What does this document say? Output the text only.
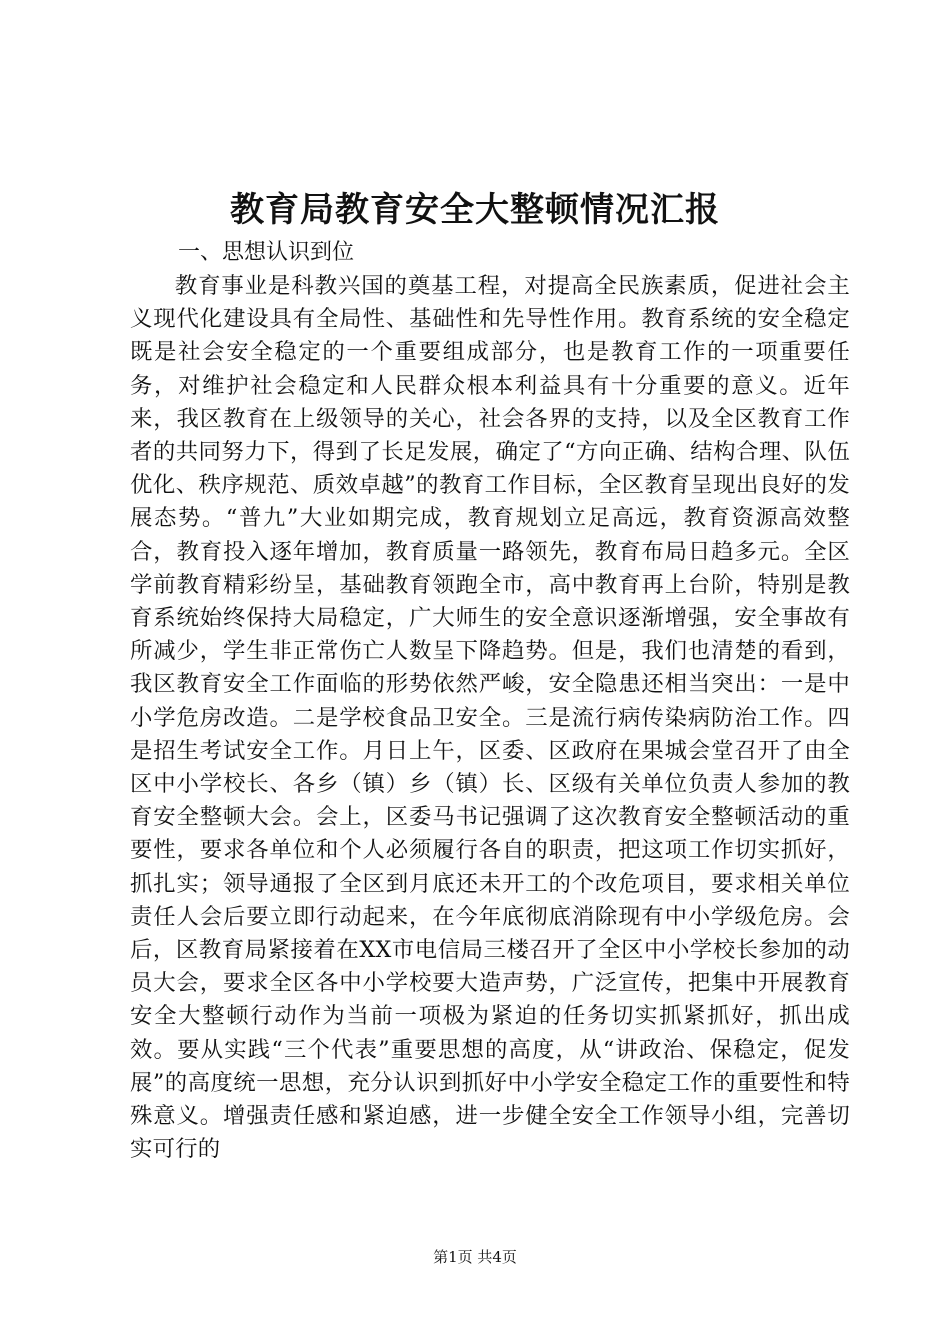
教育局教育安全大整顿情况汇报

一、思想认识到位

教育事业是科教兴国的奠基工程，对提高全民族素质，促进社会主义现代化建设具有全局性、基础性和先导性作用。教育系统的安全稳定既是社会安全稳定的一个重要组成部分，也是教育工作的一项重要任务，对维护社会稳定和人民群众根本利益具有十分重要的意义。近年来，我区教育在上级领导的关心，社会各界的支持，以及全区教育工作者的共同努力下，得到了长足发展，确定了“方向正确、结构合理、队伍优化、秩序规范、质效卓越”的教育工作目标，全区教育呈现出良好的发展态势。“普九”大业如期完成，教育规划立足高远，教育资源高效整合，教育投入逐年增加，教育质量一路领先，教育布局日趋多元。全区学前教育精彩纷呈，基础教育领跑全市，高中教育再上台阶，特别是教育系统始终保持大局稳定，广大师生的安全意识逐渐增强，安全事故有所减少，学生非正常伤亡人数呈下降趋势。但是，我们也清楚的看到，我区教育安全工作面临的形势依然严峻，安全隐患还相当突出：一是中小学危房改造。二是学校食品卫安全。三是流行病传染病防治工作。四是招生考试安全工作。月日上午，区委、区政府在果城会堂召开了由全区中小学校长、各乡（镇）乡（镇）长、区级有关单位负责人参加的教育安全整顿大会。会上，区委马书记强调了这次教育安全整顿活动的重要性，要求各单位和个人必须履行各自的职责，把这项工作切实抓好，抓扎实；领导通报了全区到月底还未开工的个改危项目，要求相关单位责任人会后要立即行动起来，在今年底彻底消除现有中小学级危房。会后，区教育局紧接着在XX市电信局三楼召开了全区中小学校长参加的动员大会，要求全区各中小学校要大造声势，广泛宣传，把集中开展教育安全大整顿行动作为当前一项极为紧迫的任务切实抓紧抓好，抓出成效。要从实践“三个代表”重要思想的高度，从“讲政治、保稳定，促发展”的高度统一思想，充分认识到抓好中小学安全稳定工作的重要性和特殊意义。增强责任感和紧迫感，进一步健全安全工作领导小组，完善切实可行的

第1页 共4页
